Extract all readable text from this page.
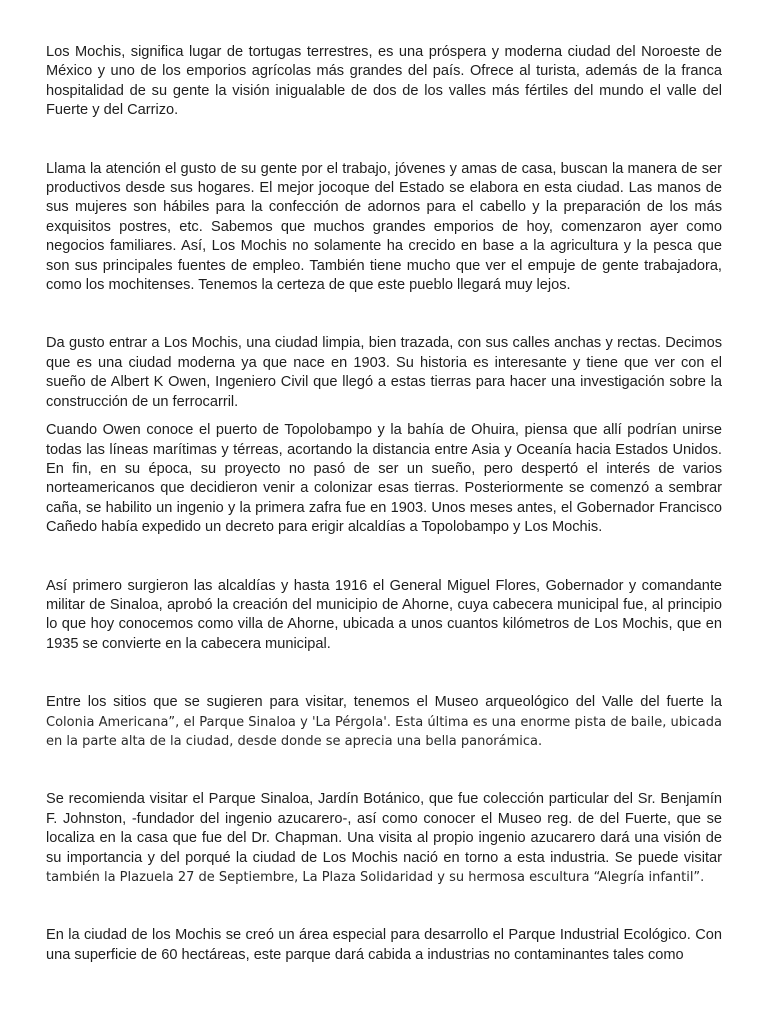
Los Mochis, significa lugar de tortugas terrestres, es una próspera y moderna ciudad del Noroeste de México y uno de los emporios agrícolas más grandes del país. Ofrece al turista, además de la franca hospitalidad de su gente la visión inigualable de dos de los valles más fértiles del mundo el valle del Fuerte y del Carrizo.

Llama la atención el gusto de su gente por el trabajo, jóvenes y amas de casa, buscan la manera de ser productivos desde sus hogares. El mejor jocoque del Estado se elabora en esta ciudad. Las manos de sus mujeres son hábiles para la confección de adornos para el cabello y la preparación de los más exquisitos postres, etc. Sabemos que muchos grandes emporios de hoy, comenzaron ayer como negocios familiares. Así, Los Mochis no solamente ha crecido en base a la agricultura y la pesca que son sus principales fuentes de empleo. También tiene mucho que ver el empuje de gente trabajadora, como los mochitenses. Tenemos la certeza de que este pueblo llegará muy lejos.

Da gusto entrar a Los Mochis, una ciudad limpia, bien trazada, con sus calles anchas y rectas. Decimos que es una ciudad moderna ya que nace en 1903. Su historia es interesante y tiene que ver con el sueño de Albert K Owen, Ingeniero Civil que llegó a estas tierras para hacer una investigación sobre la construcción de un ferrocarril.

Cuando Owen conoce el puerto de Topolobampo y la bahía de Ohuira, piensa que allí podrían unirse todas las líneas marítimas y térreas, acortando la distancia entre Asia y Oceanía hacia Estados Unidos. En fin, en su época, su proyecto no pasó de ser un sueño, pero despertó el interés de varios norteamericanos que decidieron venir a colonizar esas tierras. Posteriormente se comenzó a sembrar caña, se habilito un ingenio y la primera zafra fue en 1903. Unos meses antes, el Gobernador Francisco Cañedo había expedido un decreto para erigir alcaldías a Topolobampo y Los Mochis.

Así primero surgieron las alcaldías y hasta 1916 el General Miguel Flores, Gobernador y comandante militar de Sinaloa, aprobó la creación del municipio de Ahorne, cuya cabecera municipal fue, al principio lo que hoy conocemos como villa de Ahorne, ubicada a unos cuantos kilómetros de Los Mochis, que en 1935 se convierte en la cabecera municipal.

Entre los sitios que se sugieren para visitar, tenemos el Museo arqueológico del Valle del fuerte la Colonia Americana”, el Parque Sinaloa y 'La Pérgola'. Esta última es una enorme pista de baile, ubicada en la parte alta de la ciudad, desde donde se aprecia una bella panorámica.

Se recomienda visitar el Parque Sinaloa, Jardín Botánico, que fue colección particular del Sr. Benjamín F. Johnston, -fundador del ingenio azucarero-, así como conocer el Museo reg. de del Fuerte, que se localiza en la casa que fue del Dr. Chapman. Una visita al propio ingenio azucarero dará una visión de su importancia y del porqué la ciudad de Los Mochis nació en torno a esta industria. Se puede visitar también la Plazuela 27 de Septiembre, La Plaza Solidaridad y su hermosa escultura “Alegría infantil”.

En la ciudad de los Mochis se creó un área especial para desarrollo el Parque Industrial Ecológico. Con una superficie de 60 hectáreas, este parque dará cabida a industrias no contaminantes tales como
